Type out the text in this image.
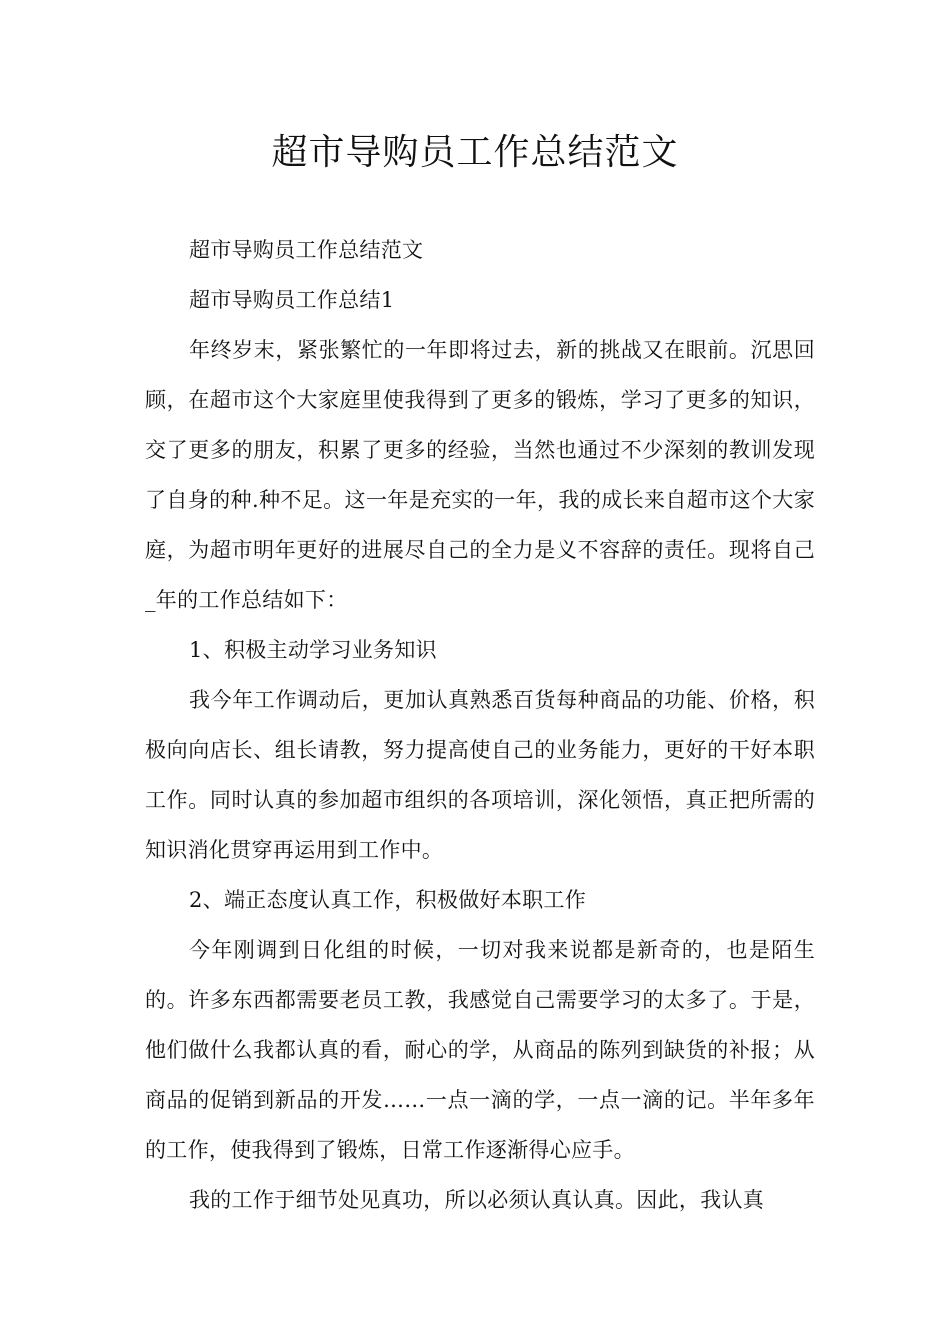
超市导购员工作总结范文

超市导购员工作总结范文

超市导购员工作总结1

年终岁末，紧张繁忙的一年即将过去，新的挑战又在眼前。沉思回顾，在超市这个大家庭里使我得到了更多的锻炼，学习了更多的知识，交了更多的朋友，积累了更多的经验，当然也通过不少深刻的教训发现了自身的种.种不足。这一年是充实的一年，我的成长来自超市这个大家庭，为超市明年更好的进展尽自己的全力是义不容辞的责任。现将自己_年的工作总结如下：

1、积极主动学习业务知识

我今年工作调动后，更加认真熟悉百货每种商品的功能、价格，积极向向店长、组长请教，努力提高使自己的业务能力，更好的干好本职工作。同时认真的参加超市组织的各项培训，深化领悟，真正把所需的知识消化贯穿再运用到工作中。

2、端正态度认真工作，积极做好本职工作

今年刚调到日化组的时候，一切对我来说都是新奇的，也是陌生的。许多东西都需要老员工教，我感觉自己需要学习的太多了。于是，他们做什么我都认真的看，耐心的学，从商品的陈列到缺货的补报；从商品的促销到新品的开发……一点一滴的学，一点一滴的记。半年多年的工作，使我得到了锻炼，日常工作逐渐得心应手。

我的工作于细节处见真功，所以必须认真认真。因此，我认真
